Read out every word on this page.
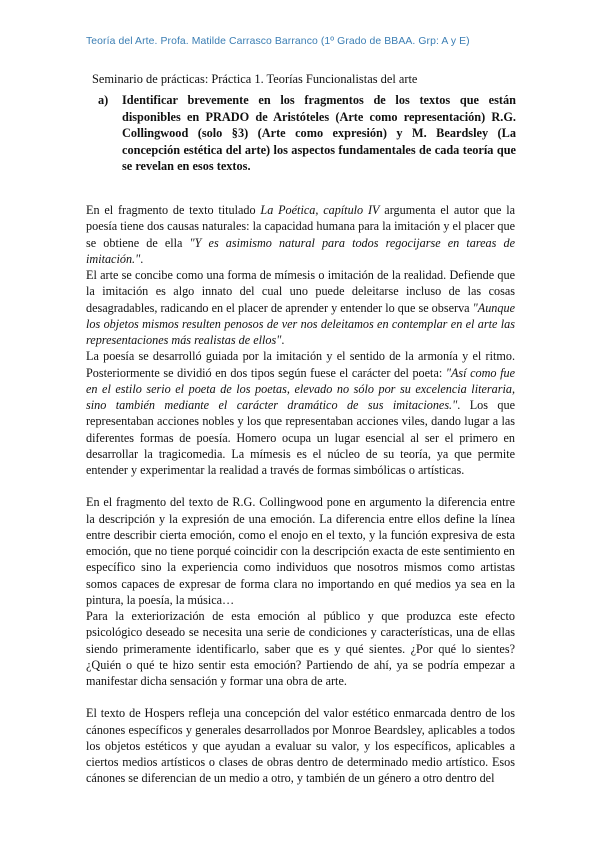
Teoría del Arte. Profa. Matilde Carrasco Barranco (1º Grado de BBAA. Grp: A y E)
Seminario de prácticas: Práctica 1. Teorías Funcionalistas del arte
a)	Identificar brevemente en los fragmentos de los textos que están disponibles en PRADO de Aristóteles (Arte como representación) R.G. Collingwood (solo §3) (Arte como expresión) y M. Beardsley (La concepción estética del arte) los aspectos fundamentales de cada teoría que se revelan en esos textos.

En el fragmento de texto titulado La Poética, capítulo IV argumenta el autor que la poesía tiene dos causas naturales: la capacidad humana para la imitación y el placer que se obtiene de ella "Y es asimismo natural para todos regocijarse en tareas de imitación.".

El arte se concibe como una forma de mímesis o imitación de la realidad. Defiende que la imitación es algo innato del cual uno puede deleitarse incluso de las cosas desagradables, radicando en el placer de aprender y entender lo que se observa "Aunque los objetos mismos resulten penosos de ver nos deleitamos en contemplar en el arte las representaciones más realistas de ellos".

La poesía se desarrolló guiada por la imitación y el sentido de la armonía y el ritmo. Posteriormente se dividió en dos tipos según fuese el carácter del poeta: "Así como fue en el estilo serio el poeta de los poetas, elevado no sólo por su excelencia literaria, sino también mediante el carácter dramático de sus imitaciones.". Los que representaban acciones nobles y los que representaban acciones viles, dando lugar a las diferentes formas de poesía. Homero ocupa un lugar esencial al ser el primero en desarrollar la tragicomedia. La mímesis es el núcleo de su teoría, ya que permite entender y experimentar la realidad a través de formas simbólicas o artísticas.

En el fragmento del texto de R.G. Collingwood pone en argumento la diferencia entre la descripción y la expresión de una emoción. La diferencia entre ellos define la línea entre describir cierta emoción, como el enojo en el texto, y la función expresiva de esta emoción, que no tiene porqué coincidir con la descripción exacta de este sentimiento en específico sino la experiencia como individuos que nosotros mismos como artistas somos capaces de expresar de forma clara no importando en qué medios ya sea en la pintura, la poesía, la música…

Para la exteriorización de esta emoción al público y que produzca este efecto psicológico deseado se necesita una serie de condiciones y características, una de ellas siendo primeramente identificarlo, saber que es y qué sientes. ¿Por qué lo sientes? ¿Quién o qué te hizo sentir esta emoción? Partiendo de ahí, ya se podría empezar a manifestar dicha sensación y formar una obra de arte.

El texto de Hospers refleja una concepción del valor estético enmarcada dentro de los cánones específicos y generales desarrollados por Monroe Beardsley, aplicables a todos los objetos estéticos y que ayudan a evaluar su valor, y los específicos, aplicables a ciertos medios artísticos o clases de obras dentro de determinado medio artístico. Esos cánones se diferencian de un medio a otro, y también de un género a otro dentro del
